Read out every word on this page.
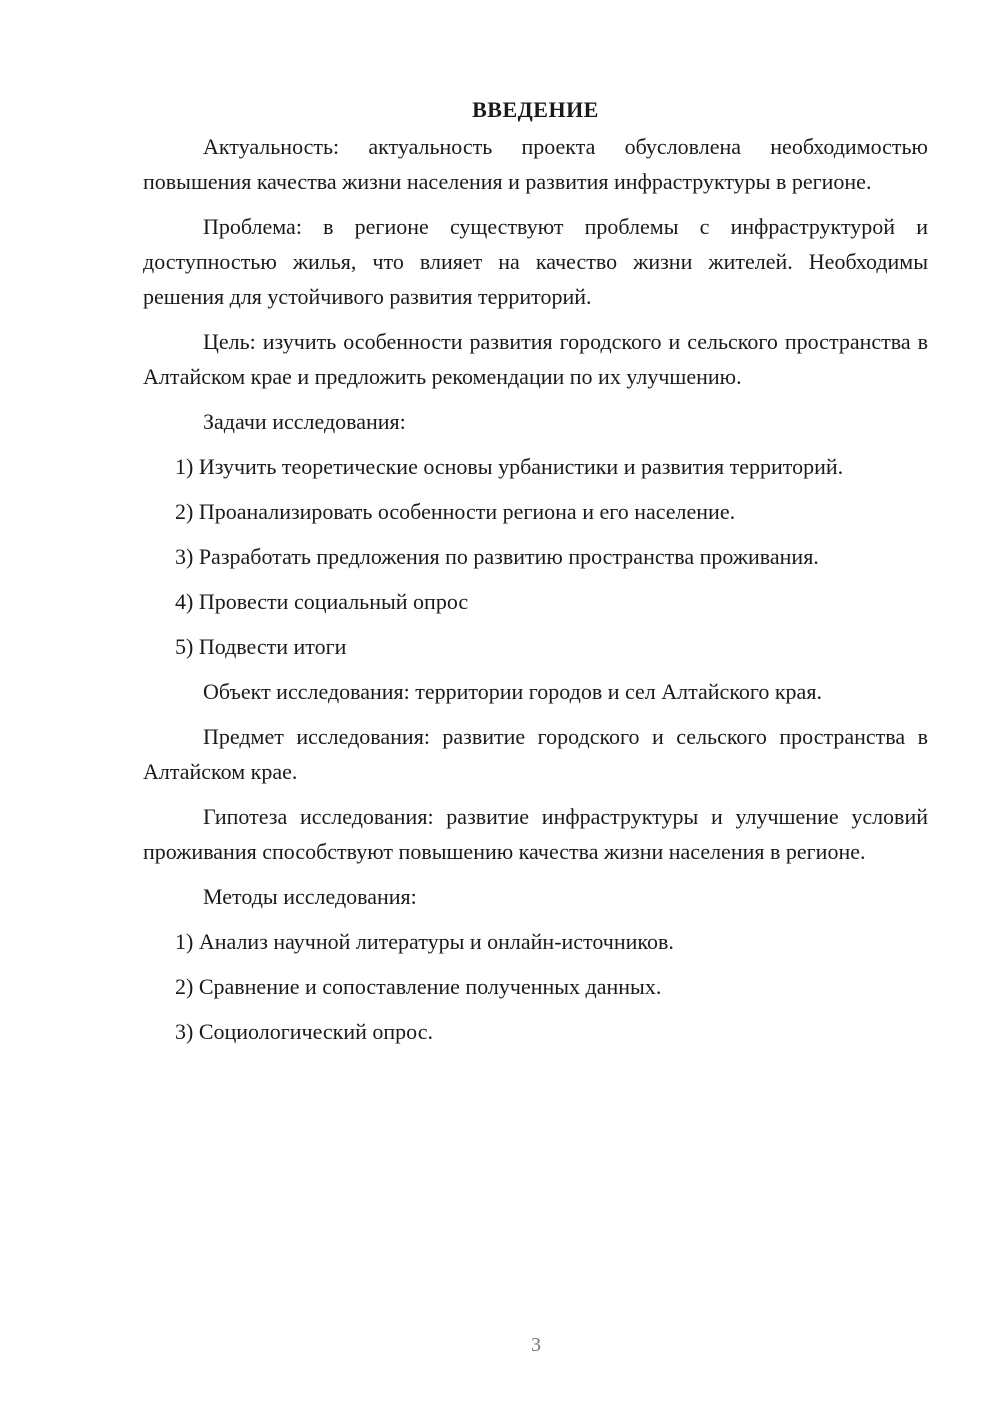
ВВЕДЕНИЕ

Актуальность: актуальность проекта обусловлена необходимостью повышения качества жизни населения и развития инфраструктуры в регионе.

Проблема: в регионе существуют проблемы с инфраструктурой и доступностью жилья, что влияет на качество жизни жителей. Необходимы решения для устойчивого развития территорий.

Цель: изучить особенности развития городского и сельского пространства в Алтайском крае и предложить рекомендации по их улучшению.

Задачи исследования:

1) Изучить теоретические основы урбанистики и развития территорий.

2) Проанализировать особенности региона и его население.

3) Разработать предложения по развитию пространства проживания.

4) Провести социальный опрос

5) Подвести итоги

Объект исследования: территории городов и сел Алтайского края.

Предмет исследования: развитие городского и сельского пространства в Алтайском крае.

Гипотеза исследования: развитие инфраструктуры и улучшение условий проживания способствуют повышению качества жизни населения в регионе.

Методы исследования:

1) Анализ научной литературы и онлайн-источников.

2) Сравнение и сопоставление полученных данных.

3) Социологический опрос.

3
